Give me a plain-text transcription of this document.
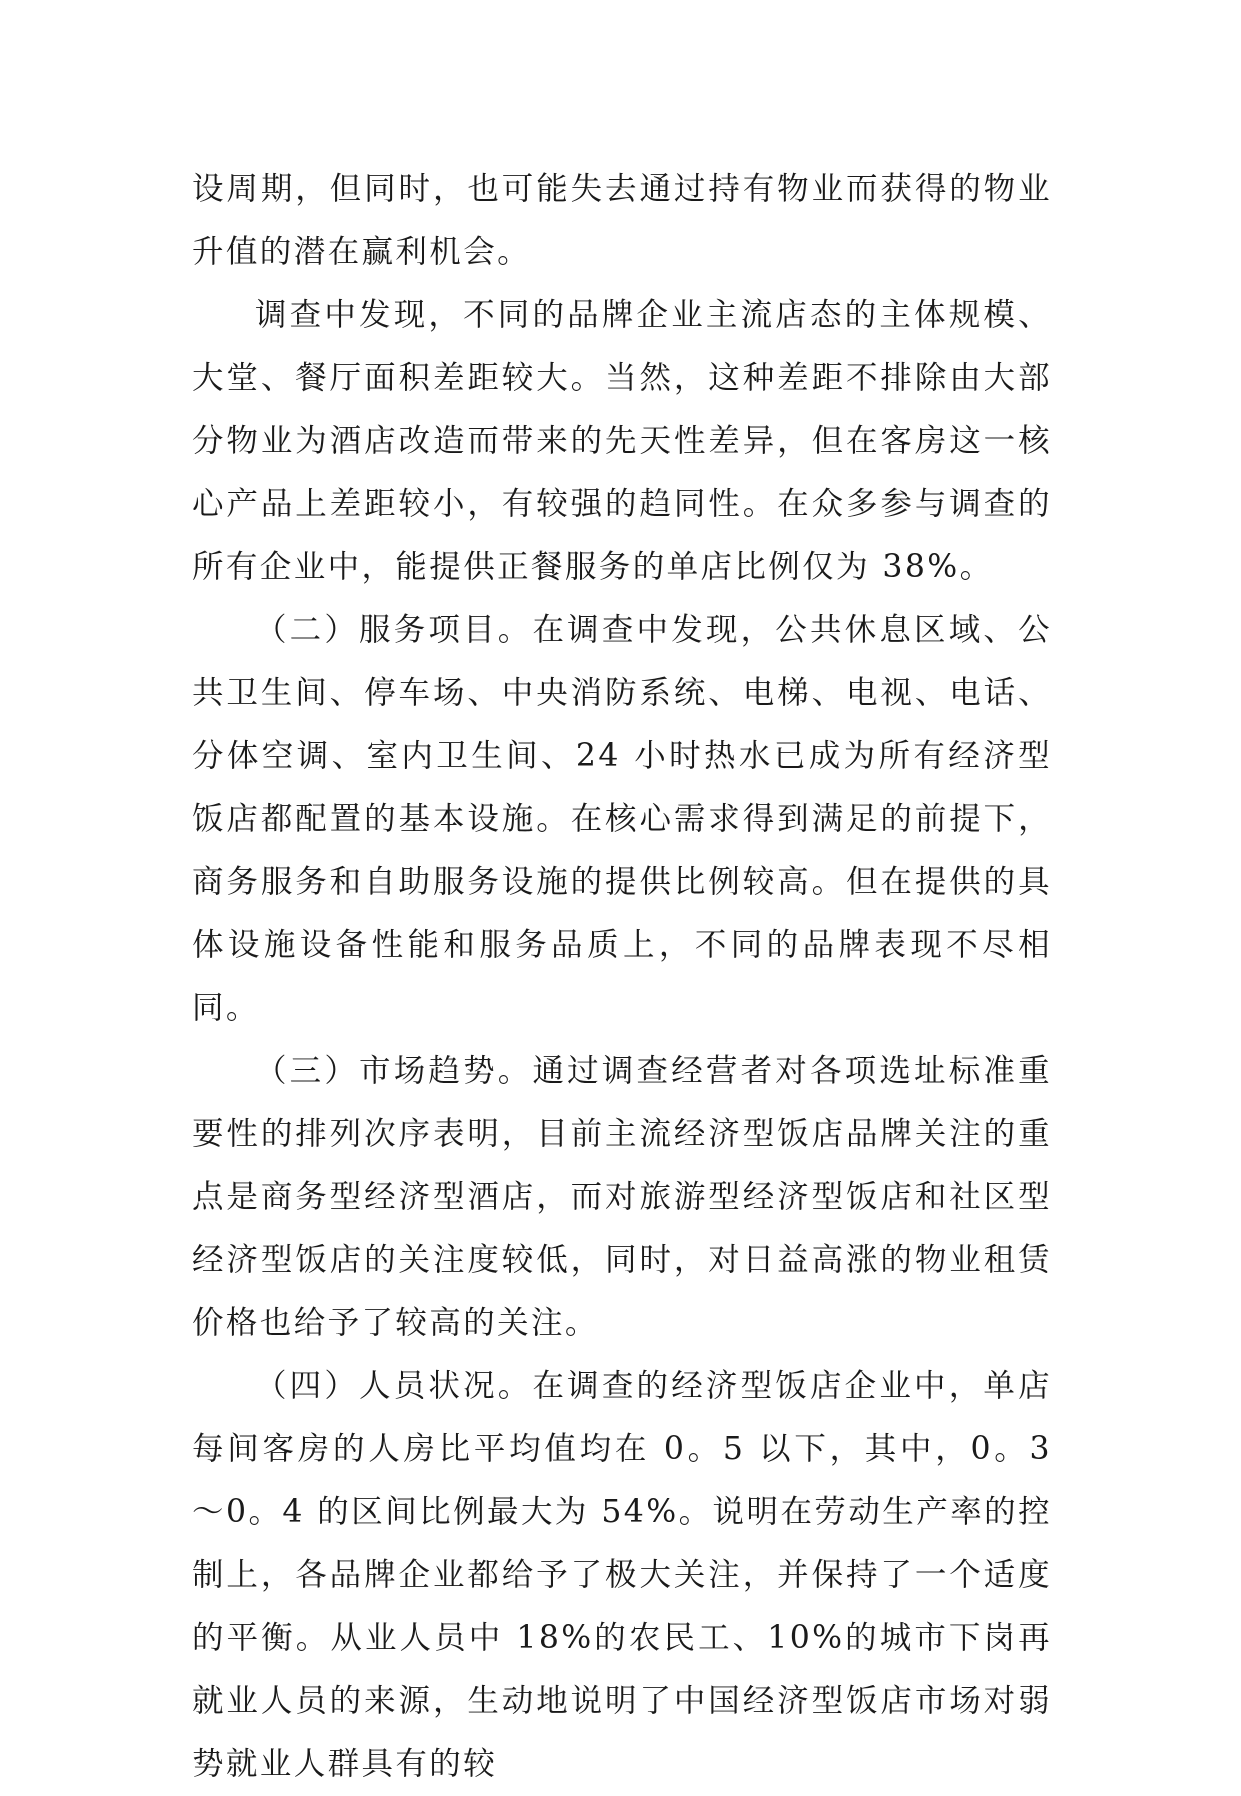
设周期，但同时，也可能失去通过持有物业而获得的物业升值的潜在赢利机会。

调查中发现，不同的品牌企业主流店态的主体规模、大堂、餐厅面积差距较大。当然，这种差距不排除由大部分物业为酒店改造而带来的先天性差异，但在客房这一核心产品上差距较小，有较强的趋同性。在众多参与调查的所有企业中，能提供正餐服务的单店比例仅为 38%。

（二）服务项目。在调查中发现，公共休息区域、公共卫生间、停车场、中央消防系统、电梯、电视、电话、分体空调、室内卫生间、24 小时热水已成为所有经济型饭店都配置的基本设施。在核心需求得到满足的前提下，商务服务和自助服务设施的提供比例较高。但在提供的具体设施设备性能和服务品质上，不同的品牌表现不尽相同。

（三）市场趋势。通过调查经营者对各项选址标准重要性的排列次序表明，目前主流经济型饭店品牌关注的重点是商务型经济型酒店，而对旅游型经济型饭店和社区型经济型饭店的关注度较低，同时，对日益高涨的物业租赁价格也给予了较高的关注。

（四）人员状况。在调查的经济型饭店企业中，单店每间客房的人房比平均值均在 0。5 以下，其中，0。3～0。4 的区间比例最大为 54%。说明在劳动生产率的控制上，各品牌企业都给予了极大关注，并保持了一个适度的平衡。从业人员中 18%的农民工、10%的城市下岗再就业人员的来源，生动地说明了中国经济型饭店市场对弱势就业人群具有的较
